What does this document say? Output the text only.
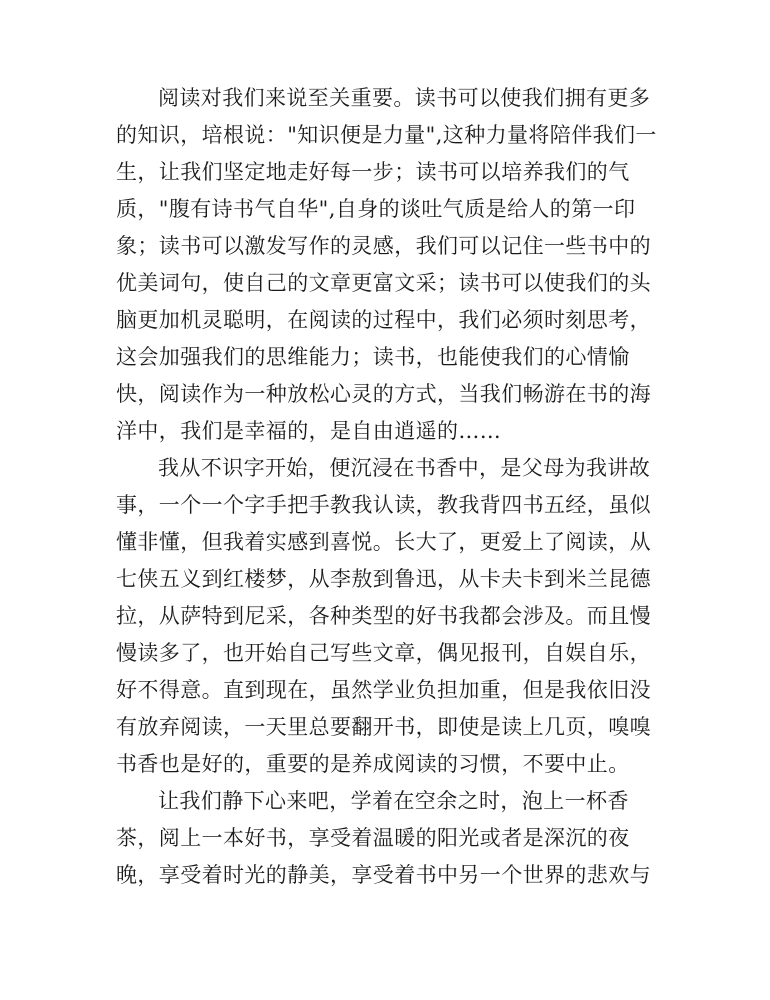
阅读对我们来说至关重要。读书可以使我们拥有更多
的知识，培根说："知识便是力量",这种力量将陪伴我们一
生，让我们坚定地走好每一步；读书可以培养我们的气
质，"腹有诗书气自华",自身的谈吐气质是给人的第一印
象；读书可以激发写作的灵感，我们可以记住一些书中的
优美词句，使自己的文章更富文采；读书可以使我们的头
脑更加机灵聪明，在阅读的过程中，我们必须时刻思考，
这会加强我们的思维能力；读书，也能使我们的心情愉
快，阅读作为一种放松心灵的方式，当我们畅游在书的海
洋中，我们是幸福的，是自由逍遥的……
我从不识字开始，便沉浸在书香中，是父母为我讲故
事，一个一个字手把手教我认读，教我背四书五经，虽似
懂非懂，但我着实感到喜悦。长大了，更爱上了阅读，从
七侠五义到红楼梦，从李敖到鲁迅，从卡夫卡到米兰昆德
拉，从萨特到尼采，各种类型的好书我都会涉及。而且慢
慢读多了，也开始自己写些文章，偶见报刊，自娱自乐，
好不得意。直到现在，虽然学业负担加重，但是我依旧没
有放弃阅读，一天里总要翻开书，即使是读上几页，嗅嗅
书香也是好的，重要的是养成阅读的习惯，不要中止。
让我们静下心来吧，学着在空余之时，泡上一杯香
茶，阅上一本好书，享受着温暖的阳光或者是深沉的夜
晚，享受着时光的静美，享受着书中另一个世界的悲欢与
